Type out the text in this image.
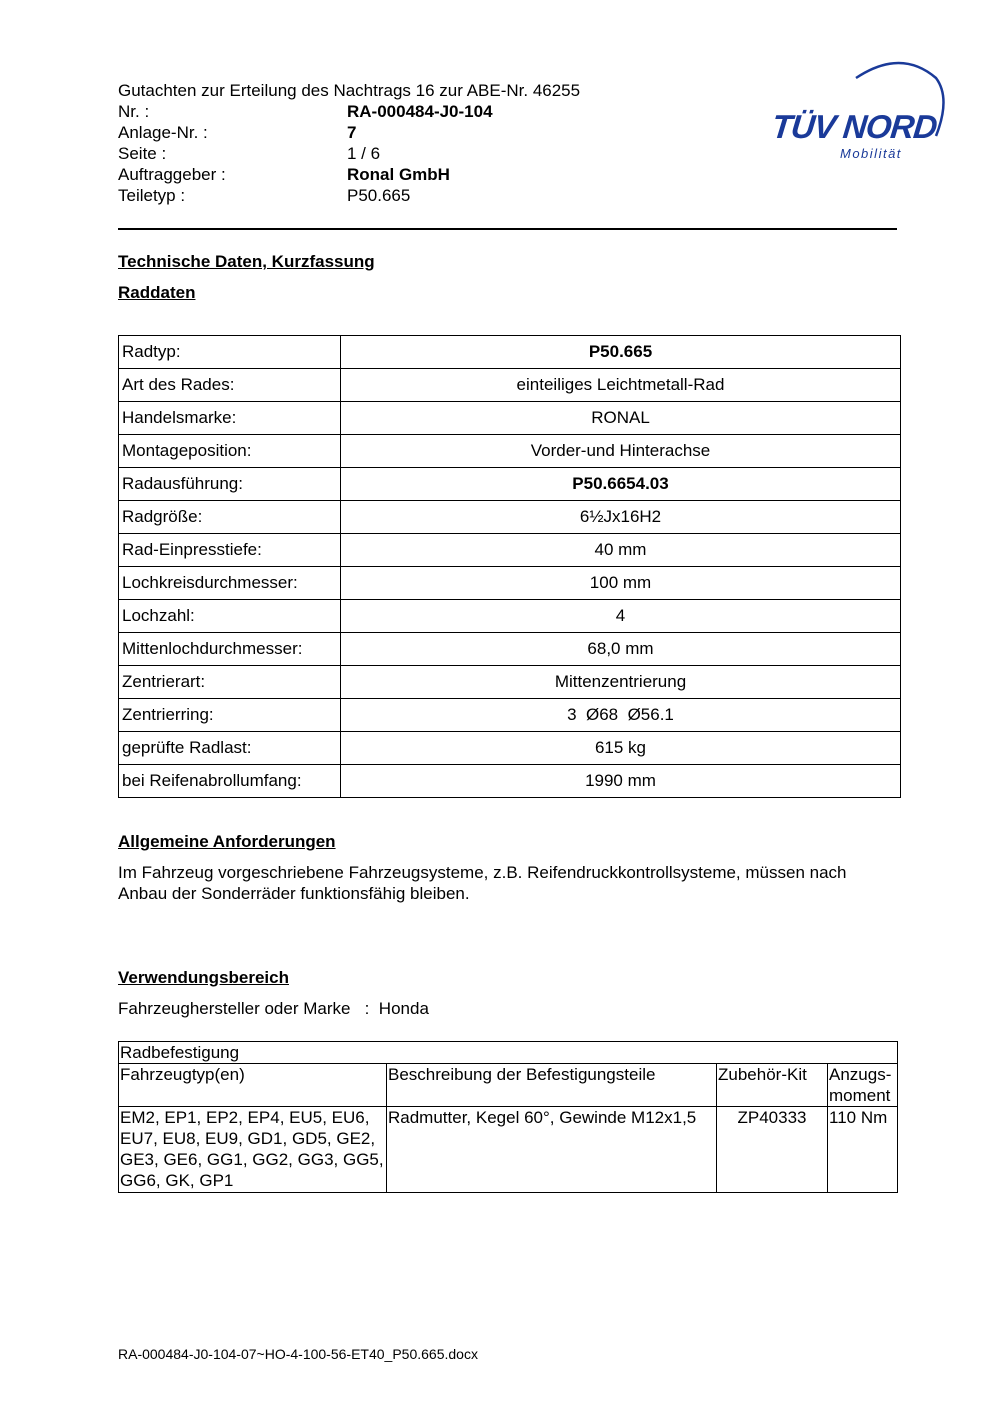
Gutachten zur Erteilung des Nachtrags 16 zur ABE-Nr. 46255
Nr. :	RA-000484-J0-104
Anlage-Nr. :	7
Seite :	1 / 6
Auftraggeber :	Ronal GmbH
Teiletyp :	P50.665
TÜV NORD
Mobilität
Technische Daten, Kurzfassung
Raddaten
Radtyp:	P50.665
Art des Rades:	einteiliges Leichtmetall-Rad
Handelsmarke:	RONAL
Montageposition:	Vorder-und Hinterachse
Radausführung:	P50.6654.03
Radgröße:	6½Jx16H2
Rad-Einpresstiefe:	40 mm
Lochkreisdurchmesser:	100 mm
Lochzahl:	4
Mittenlochdurchmesser:	68,0 mm
Zentrierart:	Mittenzentrierung
Zentrierring:	3  Ø68  Ø56.1
geprüfte Radlast:	615 kg
bei Reifenabrollumfang:	1990 mm
Allgemeine Anforderungen
Im Fahrzeug vorgeschriebene Fahrzeugsysteme, z.B. Reifendruckkontrollsysteme, müssen nach Anbau der Sonderräder funktionsfähig bleiben.
Verwendungsbereich
Fahrzeughersteller oder Marke   :  Honda
Radbefestigung			
Fahrzeugtyp(en)	Beschreibung der Befestigungsteile	Zubehör-Kit	Anzugs-moment
EM2, EP1, EP2, EP4, EU5, EU6, EU7, EU8, EU9, GD1, GD5, GE2, GE3, GE6, GG1, GG2, GG3, GG5, GG6, GK, GP1	Radmutter, Kegel 60°, Gewinde M12x1,5	ZP40333	110 Nm
RA-000484-J0-104-07~HO-4-100-56-ET40_P50.665.docx
